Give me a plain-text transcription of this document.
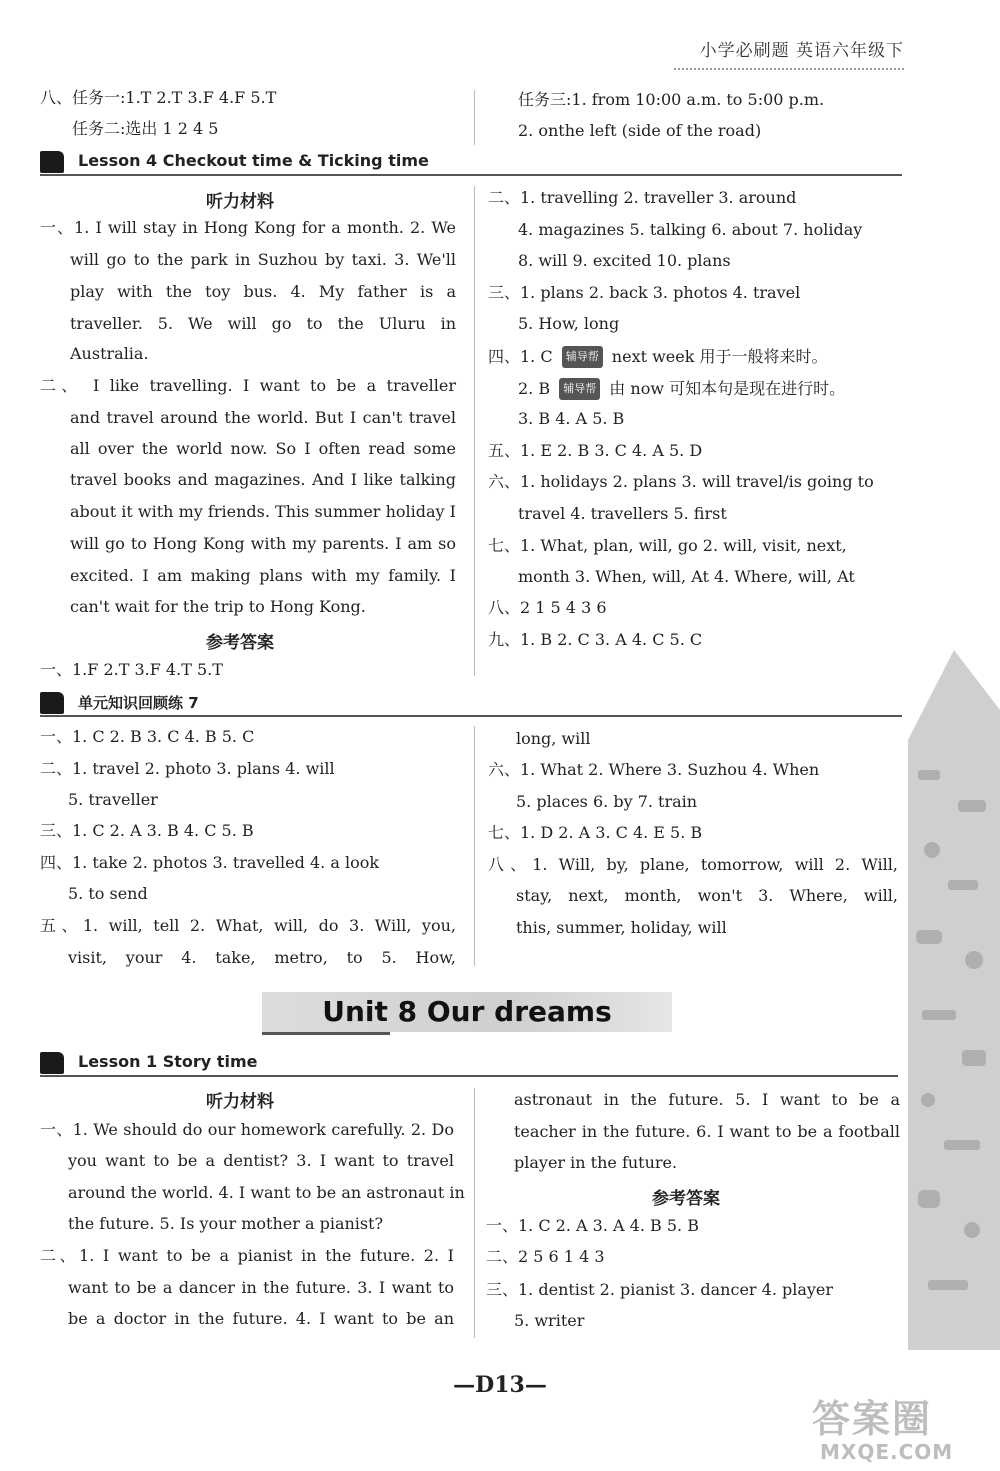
小学必刷题 英语六年级下
八、任务一:1.T 2.T 3.F 4.F 5.T
任务二:选出 1 2 4 5
任务三:1. from 10:00 a.m. to 5:00 p.m.
2. onthe left (side of the road)
Lesson 4 Checkout time & Ticking time
听力材料
一、1. I will stay in Hong Kong for a month. 2. We
will go to the park in Suzhou by taxi. 3. We'll
play with the toy bus. 4. My father is a
traveller. 5. We will go to the Uluru in
Australia.
二、 I like travelling. I want to be a traveller
and travel around the world. But I can't travel
all over the world now. So I often read some
travel books and magazines. And I like talking
about it with my friends. This summer holiday I
will go to Hong Kong with my parents. I am so
excited. I am making plans with my family. I
can't wait for the trip to Hong Kong.
参考答案
一、1.F 2.T 3.F 4.T 5.T
二、1. travelling 2. traveller 3. around
4. magazines 5. talking 6. about 7. holiday
8. will 9. excited 10. plans
三、1. plans 2. back 3. photos 4. travel
5. How, long
四、1. C 辅导帮 next week 用于一般将来时。
2. B 辅导帮 由 now 可知本句是现在进行时。
3. B 4. A 5. B
五、1. E 2. B 3. C 4. A 5. D
六、1. holidays 2. plans 3. will travel/is going to
travel 4. travellers 5. first
七、1. What, plan, will, go 2. will, visit, next,
month 3. When, will, At 4. Where, will, At
八、2 1 5 4 3 6
九、1. B 2. C 3. A 4. C 5. C
单元知识回顾练 7
一、1. C 2. B 3. C 4. B 5. C
二、1. travel 2. photo 3. plans 4. will
5. traveller
三、1. C 2. A 3. B 4. C 5. B
四、1. take 2. photos 3. travelled 4. a look
5. to send
五、1. will, tell 2. What, will, do 3. Will, you,
visit, your 4. take, metro, to 5. How,
long, will
六、1. What 2. Where 3. Suzhou 4. When
5. places 6. by 7. train
七、1. D 2. A 3. C 4. E 5. B
八、1. Will, by, plane, tomorrow, will 2. Will,
stay, next, month, won't 3. Where, will,
this, summer, holiday, will
Unit 8 Our dreams
Lesson 1 Story time
听力材料
一、1. We should do our homework carefully. 2. Do
you want to be a dentist? 3. I want to travel
around the world. 4. I want to be an astronaut in
the future. 5. Is your mother a pianist?
二、1. I want to be a pianist in the future. 2. I
want to be a dancer in the future. 3. I want to
be a doctor in the future. 4. I want to be an
astronaut in the future. 5. I want to be a
teacher in the future. 6. I want to be a football
player in the future.
参考答案
一、1. C 2. A 3. A 4. B 5. B
二、2 5 6 1 4 3
三、1. dentist 2. pianist 3. dancer 4. player
5. writer
—D13—
答案圈
MXQE.COM
